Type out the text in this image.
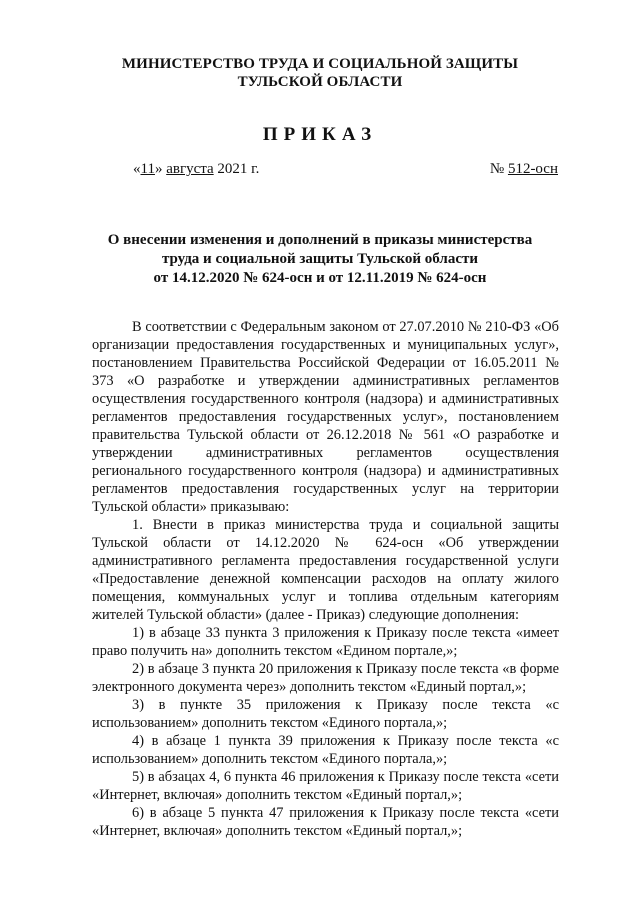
МИНИСТЕРСТВО ТРУДА И СОЦИАЛЬНОЙ ЗАЩИТЫ
ТУЛЬСКОЙ ОБЛАСТИ
ПРИКАЗ
«11» августа 2021 г.	№ 512-осн
О внесении изменения и дополнений в приказы министерства
труда и социальной защиты Тульской области
от 14.12.2020 № 624-осн и от 12.11.2019 № 624-осн

В соответствии с Федеральным законом от 27.07.2010 № 210-ФЗ «Об организации предоставления государственных и муниципальных услуг», постановлением Правительства Российской Федерации от 16.05.2011 № 373 «О разработке и утверждении административных регламентов осуществления государственного контроля (надзора) и административных регламентов предоставления государственных услуг», постановлением правительства Тульской области от 26.12.2018 № 561 «О разработке и утверждении административных регламентов осуществления регионального государственного контроля (надзора) и административных регламентов предоставления государственных услуг на территории Тульской области» приказываю:

1. Внести в приказ министерства труда и социальной защиты Тульской области от 14.12.2020 № 624-осн «Об утверждении административного регламента предоставления государственной услуги «Предоставление денежной компенсации расходов на оплату жилого помещения, коммунальных услуг и топлива отдельным категориям жителей Тульской области» (далее - Приказ) следующие дополнения:

1) в абзаце 33 пункта 3 приложения к Приказу после текста «имеет право получить на» дополнить текстом «Едином портале,»;

2) в абзаце 3 пункта 20 приложения к Приказу после текста «в форме электронного документа через» дополнить текстом «Единый портал,»;

3) в пункте 35 приложения к Приказу после текста «с использованием» дополнить текстом «Единого портала,»;

4) в абзаце 1 пункта 39 приложения к Приказу после текста «с использованием» дополнить текстом «Единого портала,»;

5) в абзацах 4, 6 пункта 46 приложения к Приказу после текста «сети «Интернет, включая» дополнить текстом «Единый портал,»;

6) в абзаце 5 пункта 47 приложения к Приказу после текста «сети «Интернет, включая» дополнить текстом «Единый портал,»;
